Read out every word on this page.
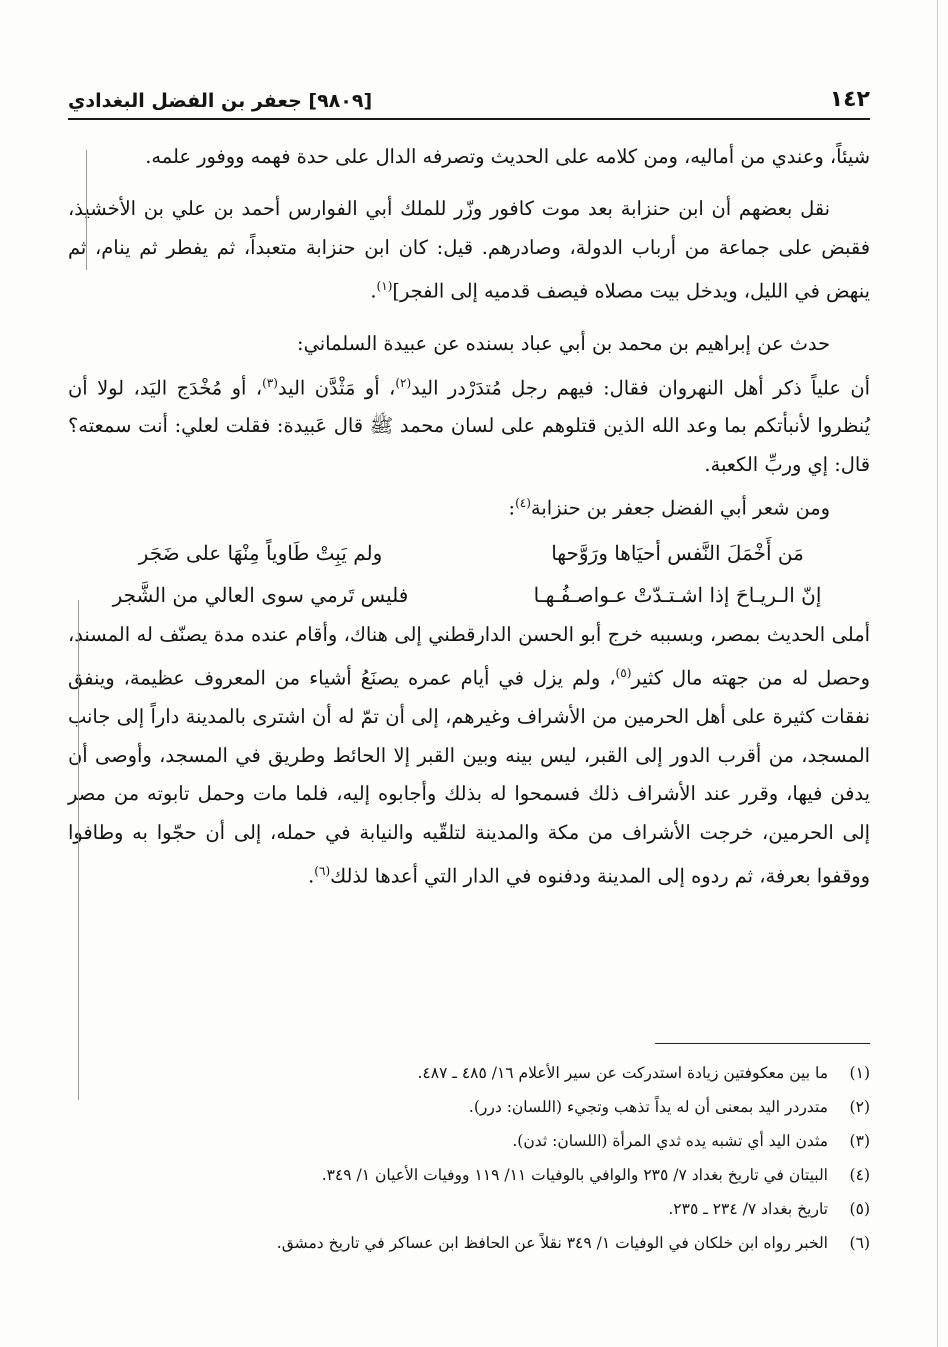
١٤٢
[٩٨٠٩] جعفر بن الفضل البغدادي

شيئاً، وعندي من أماليه، ومن كلامه على الحديث وتصرفه الدال على حدة فهمه ووفور علمه.

نقل بعضهم أن ابن حنزابة بعد موت كافور وزّر للملك أبي الفوارس أحمد بن علي بن الأخشيذ، فقبض على جماعة من أرباب الدولة، وصادرهم. قيل: كان ابن حنزابة متعبداً، ثم يفطر ثم ينام، ثم ينهض في الليل، ويدخل بيت مصلاه فيصف قدميه إلى الفجر]$^{(١)}$.

حدث عن إبراهيم بن محمد بن أبي عباد بسنده عن عبيدة السلماني:

أن علياً ذكر أهل النهروان فقال: فيهم رجل مُتدَرْدر اليد$^{(٢)}$، أو مَثْدَّن اليد$^{(٣)}$، أو مُخْدَج اليَد، لولا أن يُنظروا لأنبأتكم بما وعد الله الذين قتلوهم على لسان محمد ﷺ قال عَبيدة: فقلت لعلي: أنت سمعته؟ قال: إي وربِّ الكعبة.

ومن شعر أبي الفضل جعفر بن حنزابة$^{(٤)}$:

مَن أَخْمَلَ النَّفس أحيَاها ورَوَّحها
ولم يَبِتْ طَاوياً مِنْهَا على ضَجَر
إنّ الـريـاحَ إذا اشـتـدّتْ عـواصـفُـهـا
فليس تَرمي سوى العالي من الشَّجر

أملى الحديث بمصر، وبسببه خرج أبو الحسن الدارقطني إلى هناك، وأقام عنده مدة يصنّف له المسند، وحصل له من جهته مال كثير$^{(٥)}$، ولم يزل في أيام عمره يصنَعُ أشياء من المعروف عظيمة، وينفق نفقات كثيرة على أهل الحرمين من الأشراف وغيرهم، إلى أن تمّ له أن اشترى بالمدينة داراً إلى جانب المسجد، من أقرب الدور إلى القبر، ليس بينه وبين القبر إلا الحائط وطريق في المسجد، وأوصى أن يدفن فيها، وقرر عند الأشراف ذلك فسمحوا له بذلك وأجابوه إليه، فلما مات وحمل تابوته من مصر إلى الحرمين، خرجت الأشراف من مكة والمدينة لتلقّيه والنيابة في حمله، إلى أن حجّوا به وطافوا ووقفوا بعرفة، ثم ردوه إلى المدينة ودفنوه في الدار التي أعدها لذلك$^{(٦)}$.

(١)
ما بين معكوفتين زيادة استدركت عن سير الأعلام ١٦/ ٤٨٥ ـ ٤٨٧.
(٢)
متدردر اليد بمعنى أن له يداً تذهب وتجيء (اللسان: درر).
(٣)
مثدن اليد أي تشبه يده ثدي المرأة (اللسان: ثدن).
(٤)
البيتان في تاريخ بغداد ٧/ ٢٣٥ والوافي بالوفيات ١١/ ١١٩ ووفيات الأعيان ١/ ٣٤٩.
(٥)
تاريخ بغداد ٧/ ٢٣٤ ـ ٢٣٥.
(٦)
الخبر رواه ابن خلكان في الوفيات ١/ ٣٤٩ نقلاً عن الحافظ ابن عساكر في تاريخ دمشق.
